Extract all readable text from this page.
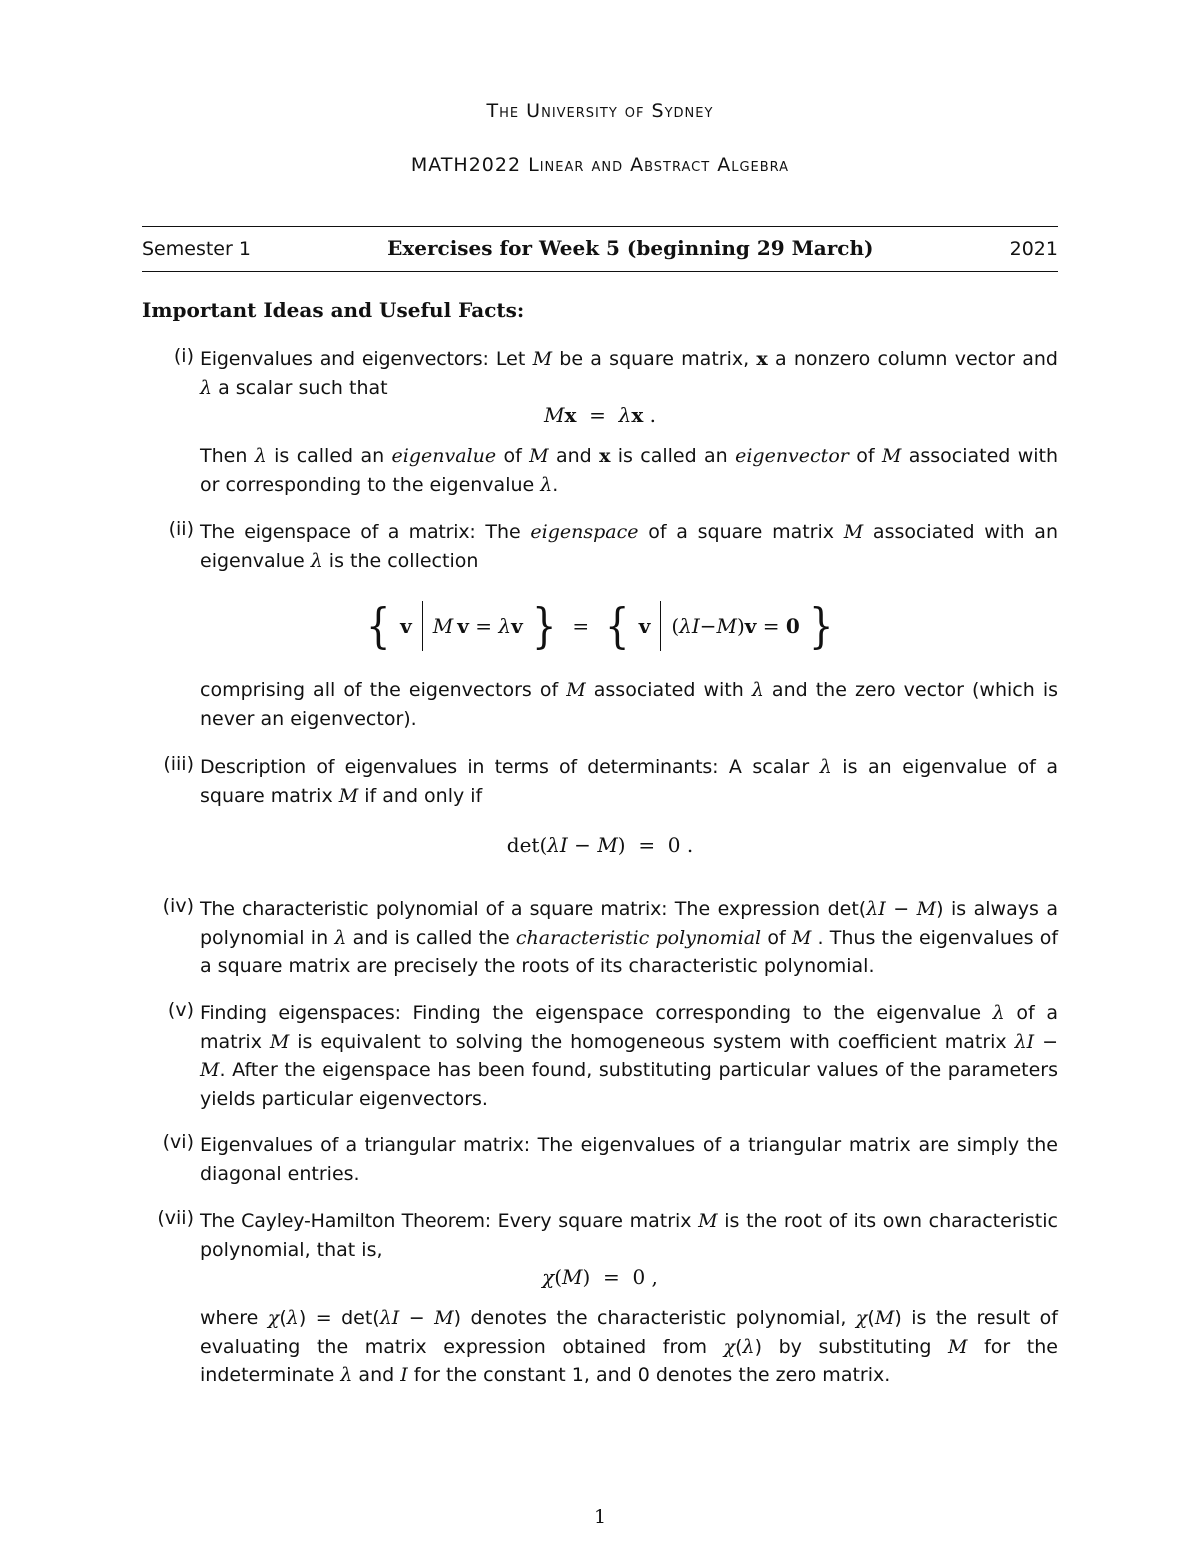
The University of Sydney
MATH2022 Linear and Abstract Algebra
Semester 1	Exercises for Week 5 (beginning 29 March)	2021
Important Ideas and Useful Facts:
(i) Eigenvalues and eigenvectors: Let M be a square matrix, x a nonzero column vector and λ a scalar such that
Mx  =  λx .
Then λ is called an eigenvalue of M and x is called an eigenvector of M associated with or corresponding to the eigenvalue λ.
(ii) The eigenspace of a matrix: The eigenspace of a square matrix M associated with an eigenvalue λ is the collection
{
v M
  v = λ v
} = {
v ( λI − M ) v = 0
}
comprising all of the eigenvectors of M associated with λ and the zero vector (which is never an eigenvector).
(iii) Description of eigenvalues in terms of determinants: A scalar λ is an eigenvalue of a square matrix M if and only if
det(λI − M)  =  0 .
(iv) The characteristic polynomial of a square matrix: The expression det(λI − M) is always a polynomial in λ and is called the characteristic polynomial of M . Thus the eigenvalues of a square matrix are precisely the roots of its characteristic polynomial.
(v) Finding eigenspaces: Finding the eigenspace corresponding to the eigenvalue λ of a matrix M is equivalent to solving the homogeneous system with coefficient matrix λI − M. After the eigenspace has been found, substituting particular values of the parameters yields particular eigenvectors.
(vi) Eigenvalues of a triangular matrix: The eigenvalues of a triangular matrix are simply the diagonal entries.
(vii) The Cayley-Hamilton Theorem: Every square matrix M is the root of its own characteristic polynomial, that is,
χ(M)  =  0 ,
where χ(λ) = det(λI − M) denotes the characteristic polynomial, χ(M) is the result of evaluating the matrix expression obtained from χ(λ) by substituting M for the indeterminate λ and I for the constant 1, and 0 denotes the zero matrix.
1
